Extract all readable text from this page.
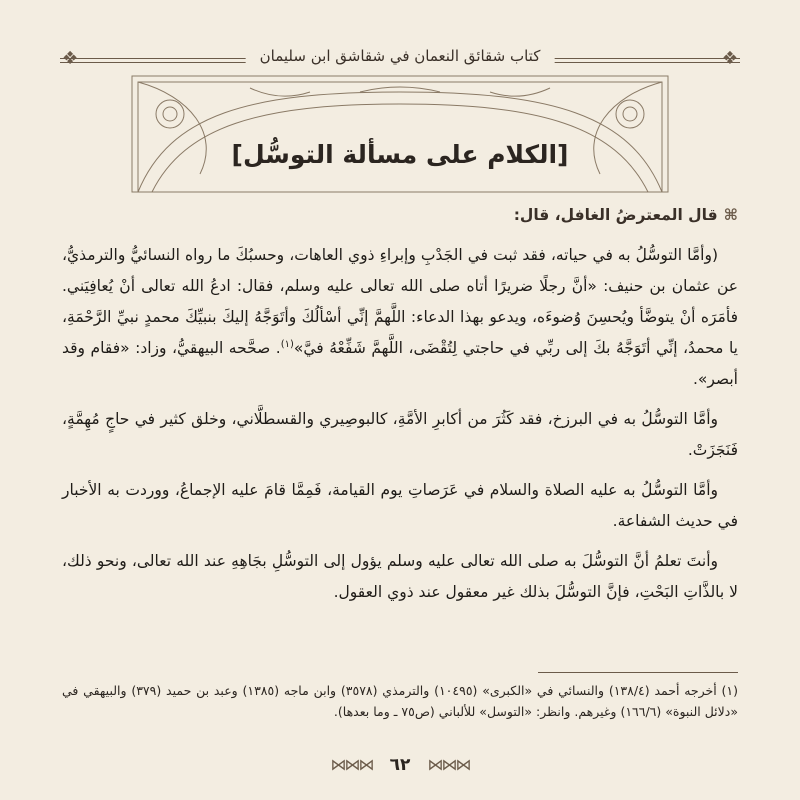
❖	❖
كتاب شقائق النعمان في شقاشق ابن سليمان
[الكلام على مسألة التوسُّل]

⌘قال المعترضُ الغافل، قال:

(وأمَّا التوسُّلُ به في حياته، فقد ثبت في الجَدْبِ وإبراءِ ذوي العاهات، وحسبُكَ ما رواه النسائيُّ والترمذيُّ، عن عثمان بن حنيف: «أنَّ رجلًا ضريرًا أتاه صلى الله تعالى عليه وسلم، فقال: ادعُ الله تعالى أنْ يُعافِيَني. فأمَرَه أنْ يتوضَّأ ويُحسِنَ وُضوءَه، ويدعو بهذا الدعاء: اللَّهمَّ إنِّي أسْألُكَ وأتَوَجَّهُ إليكَ بنبيِّكَ محمدٍ نبيِّ الرَّحْمَةِ، يا محمدُ، إنِّي أتَوَجَّهُ بكَ إلى ربِّي في حاجتي لِتُقْضَى، اللَّهمَّ شَفِّعْهُ فيَّ»$^{(١)}$. صحَّحه البيهقيُّ، وزاد: «فقام وقد أبصر».

وأمَّا التوسُّلُ به في البرزخ، فقد كَثُرَ من أكابرِ الأمَّةِ، كالبوصِيري والقسطلَّاني، وخلق كثير في حاجٍ مُهِمَّةٍ، فَنَجَزَتْ.

وأمَّا التوسُّلُ به عليه الصلاة والسلام في عَرَصاتِ يوم القيامة، فَمِمَّا قامَ عليه الإجماعُ، ووردت به الأخبار في حديث الشفاعة.

وأنتَ تعلمُ أنَّ التوسُّلَ به صلى الله تعالى عليه وسلم يؤول إلى التوسُّلِ بجَاهِهِ عند الله تعالى، ونحو ذلك، لا بالذَّاتِ البَحْتِ، فإنَّ التوسُّلَ بذلك غير معقول عند ذوي العقول.

(١) أخرجه أحمد (١٣٨/٤) والنسائي في «الكبرى» (١٠٤٩٥) والترمذي (٣٥٧٨) وابن ماجه (١٣٨٥) وعبد بن حميد (٣٧٩) والبيهقي في «دلائل النبوة» (١٦٦/٦) وغيرهم. وانظر: «التوسل» للألباني (ص٧٥ ـ وما بعدها).
⋈⋈⋈ ٦٢ ⋈⋈⋈
